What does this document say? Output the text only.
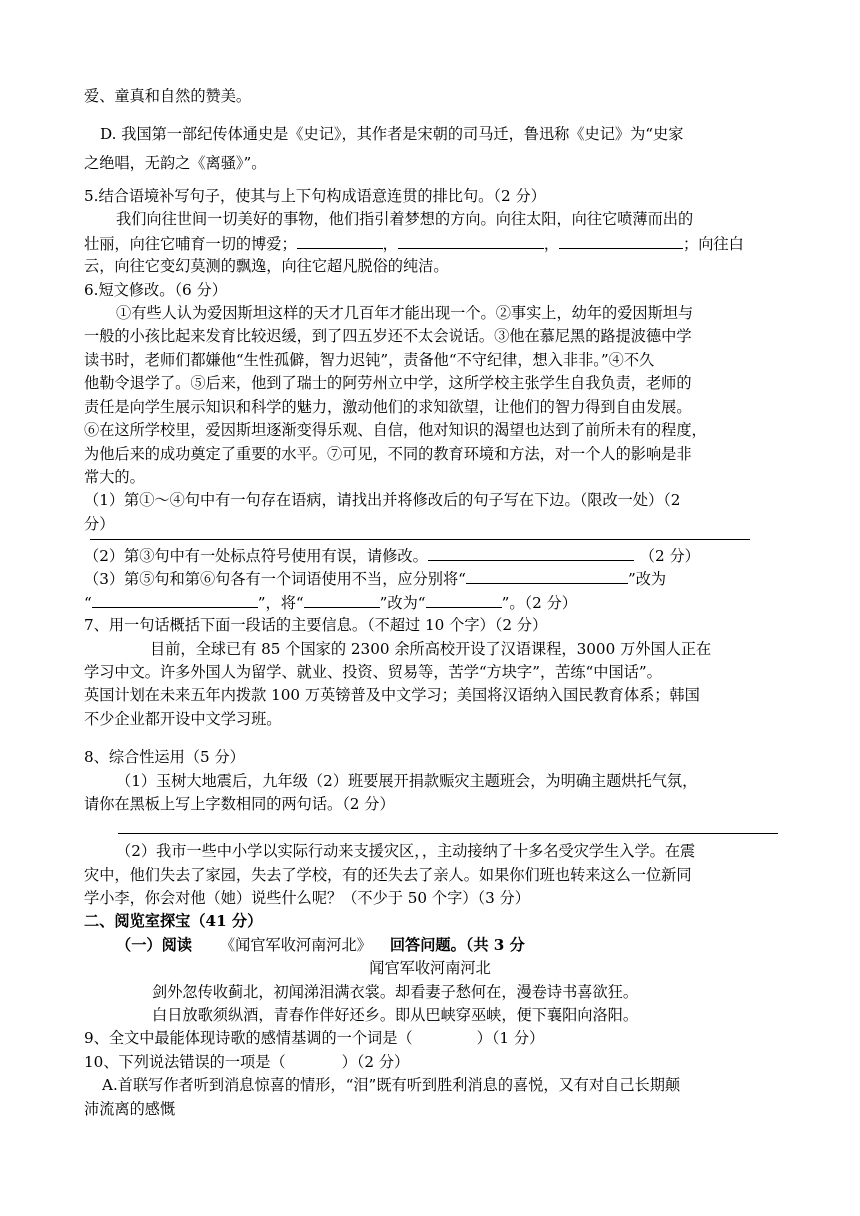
爱、童真和自然的赞美。
D. 我国第一部纪传体通史是《史记》，其作者是宋朝的司马迁，鲁迅称《史记》为“史家
之绝唱，无韵之《离骚》”。
5.结合语境补写句子，使其与上下句构成语意连贯的排比句。（2 分）
我们向往世间一切美好的事物，他们指引着梦想的方向。向往太阳，向往它喷薄而出的
壮丽，向往它哺育一切的博爱；	，	，	；向往白
云，向往它变幻莫测的飘逸，向往它超凡脱俗的纯洁。
6.短文修改。（6 分）
①有些人认为爱因斯坦这样的天才几百年才能出现一个。②事实上，幼年的爱因斯坦与
一般的小孩比起来发育比较迟缓，到了四五岁还不太会说话。③他在慕尼黑的路提波德中学
读书时，老师们都嫌他“生性孤僻，智力迟钝”，责备他“不守纪律，想入非非。”④不久
他勒令退学了。⑤后来，他到了瑞士的阿劳州立中学，这所学校主张学生自我负责，老师的
责任是向学生展示知识和科学的魅力，激动他们的求知欲望，让他们的智力得到自由发展。
⑥在这所学校里，爱因斯坦逐渐变得乐观、自信，他对知识的渴望也达到了前所未有的程度，
为他后来的成功奠定了重要的水平。⑦可见，不同的教育环境和方法，对一个人的影响是非
常大的。
（1）第①～④句中有一句存在语病，请找出并将修改后的句子写在下边。（限改一处）（2
分）
（2）第③句中有一处标点符号使用有误，请修改。	（2 分）
（3）第⑤句和第⑥句各有一个词语使用不当，应分别将“	”改为
“	”，将“	”改为“	”。（2 分）
7、用一句话概括下面一段话的主要信息。（不超过 10 个字）（2 分）
目前，全球已有 85 个国家的 2300 余所高校开设了汉语课程，3000 万外国人正在
学习中文。许多外国人为留学、就业、投资、贸易等，苦学“方块字”，苦练“中国话”。
英国计划在未来五年内拨款 100 万英镑普及中文学习；美国将汉语纳入国民教育体系；韩国
不少企业都开设中文学习班。
8、综合性运用（5 分）
（1）玉树大地震后，九年级（2）班要展开捐款赈灾主题班会，为明确主题烘托气氛，
请你在黑板上写上字数相同的两句话。（2 分）
（2）我市一些中小学以实际行动来支援灾区，，主动接纳了十多名受灾学生入学。在震
灾中，他们失去了家园，失去了学校，有的还失去了亲人。如果你们班也转来这么一位新同
学小李，你会对他（她）说些什么呢？（不少于 50 个字）（3 分）
二、阅览室探宝（41 分）
（一）阅读 《闻官军收河南河北》 回答问题。（共 3 分
闻官军收河南河北
剑外忽传收蓟北，初闻涕泪满衣裳。却看妻子愁何在，漫卷诗书喜欲狂。
白日放歌须纵酒，青春作伴好还乡。即从巴峡穿巫峡，便下襄阳向洛阳。
9、全文中最能体现诗歌的感情基调的一个词是（	）（1 分）
10、下列说法错误的一项是（	）（2 分）
A.首联写作者听到消息惊喜的情形，“泪”既有听到胜利消息的喜悦，又有对自己长期颠
沛流离的感慨
